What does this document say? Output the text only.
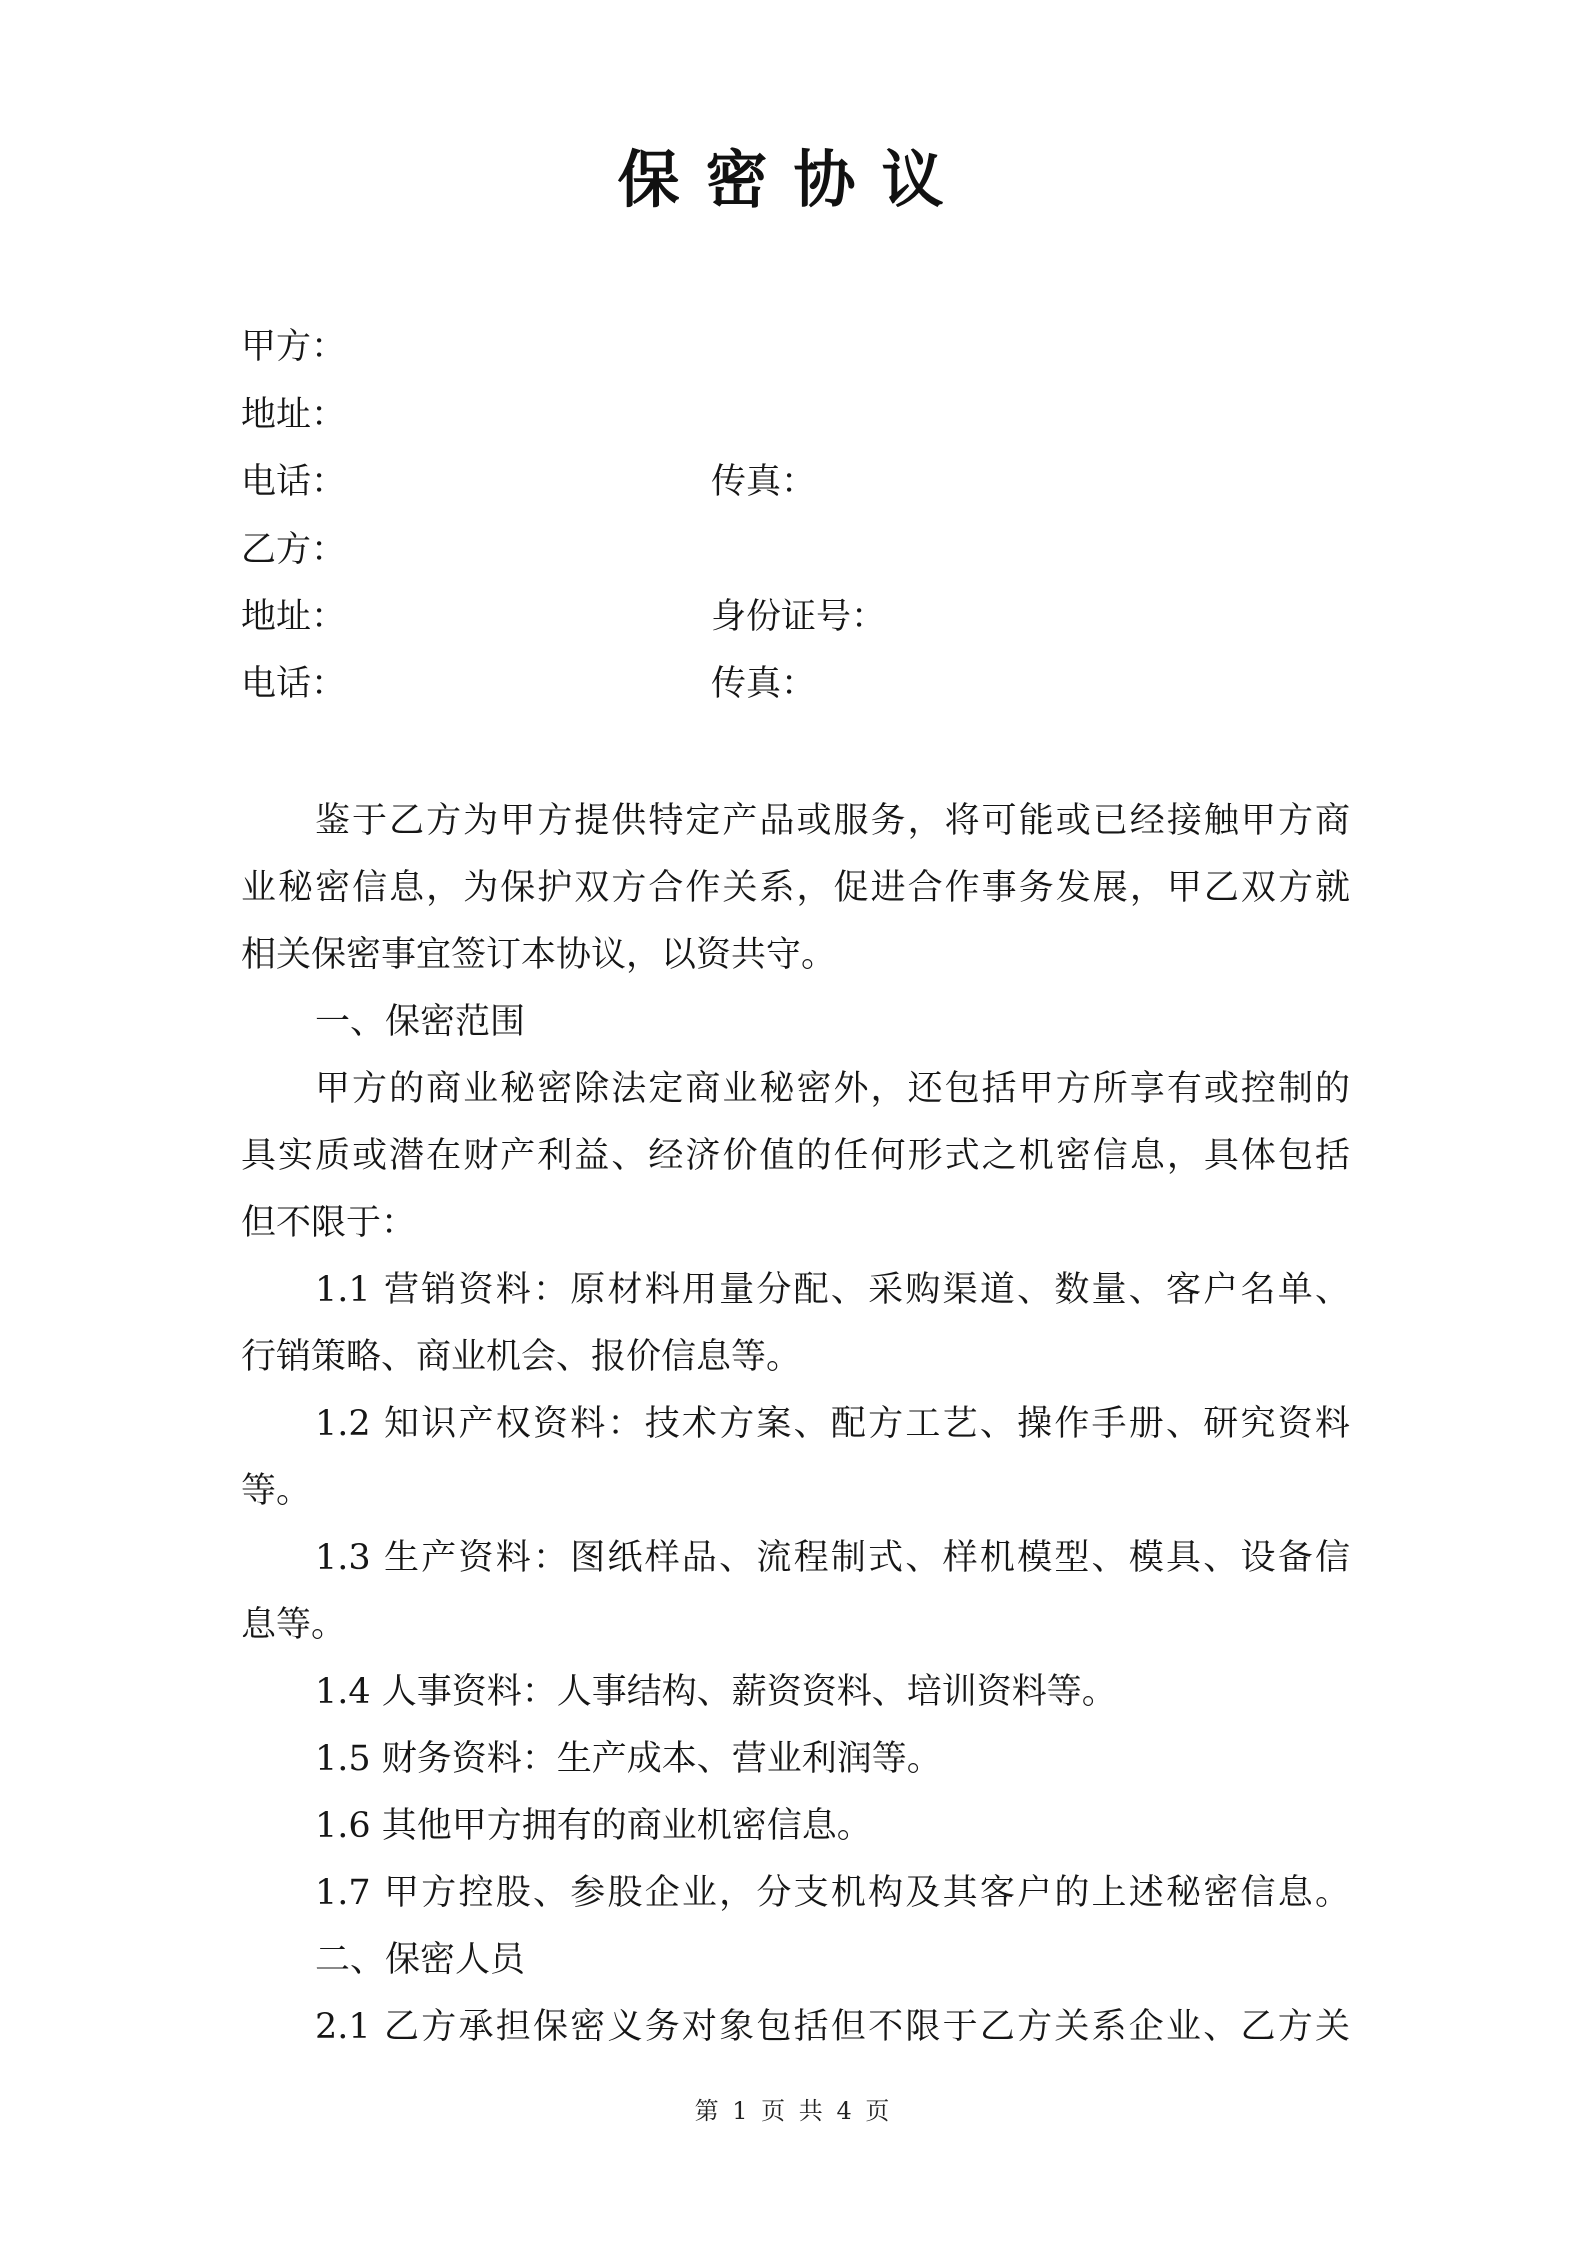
保密协议
甲方：
地址：
电话：	传真：
乙方：
地址：	身份证号：
电话：	传真：
鉴于乙方为甲方提供特定产品或服务，将可能或已经接触甲方商
业秘密信息，为保护双方合作关系，促进合作事务发展，甲乙双方就
相关保密事宜签订本协议，以资共守。
一、保密范围
甲方的商业秘密除法定商业秘密外，还包括甲方所享有或控制的
具实质或潜在财产利益、经济价值的任何形式之机密信息，具体包括
但不限于：
1.1 营销资料：原材料用量分配、采购渠道、数量、客户名单、
行销策略、商业机会、报价信息等。
1.2 知识产权资料：技术方案、配方工艺、操作手册、研究资料
等。
1.3 生产资料：图纸样品、流程制式、样机模型、模具、设备信
息等。
1.4 人事资料：人事结构、薪资资料、培训资料等。
1.5 财务资料：生产成本、营业利润等。
1.6 其他甲方拥有的商业机密信息。
1.7 甲方控股、参股企业，分支机构及其客户的上述秘密信息。
二、保密人员
2.1 乙方承担保密义务对象包括但不限于乙方关系企业、乙方关
第 1 页 共 4 页
